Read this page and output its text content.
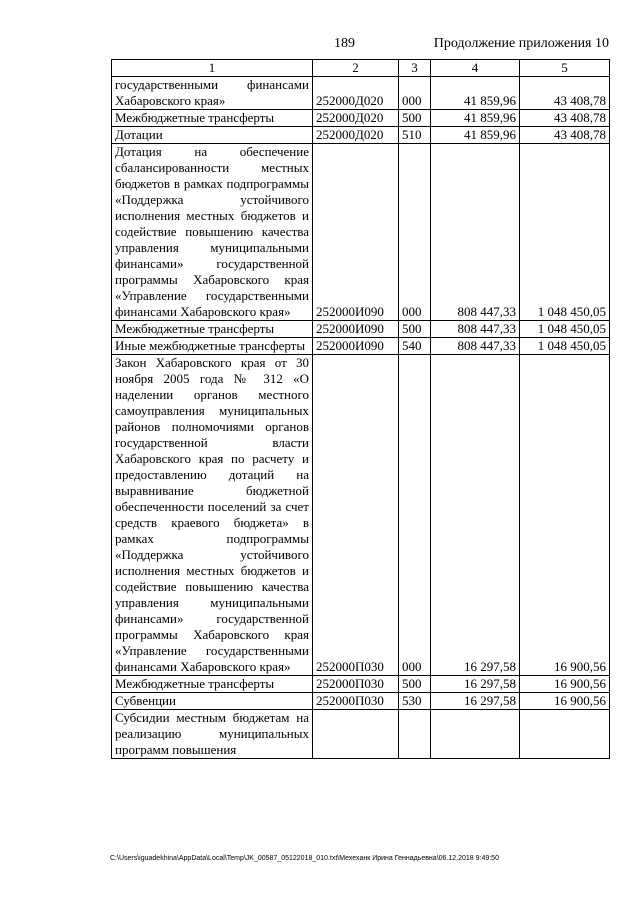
189	Продолжение приложения 10
1	2	3	4	5
государственными финансами Хабаровского края»	252000Д020	000	41 859,96	43 408,78
Межбюджетные трансферты	252000Д020	500	41 859,96	43 408,78
Дотации	252000Д020	510	41 859,96	43 408,78
Дотация на обеспечение сбалансированности местных бюджетов в рамках подпрограммы «Поддержка устойчивого исполнения местных бюджетов и содействие повышению качества управления муниципальными финансами» государственной программы Хабаровского края «Управление государственными финансами Хабаровского края»	252000И090	000	808 447,33	1 048 450,05
Межбюджетные трансферты	252000И090	500	808 447,33	1 048 450,05
Иные межбюджетные трансферты	252000И090	540	808 447,33	1 048 450,05
Закон Хабаровского края от 30 ноября 2005 года № 312 «О наделении органов местного самоуправления муниципальных районов полномочиями органов государственной власти Хабаровского края по расчету и предоставлению дотаций на выравнивание бюджетной обеспеченности поселений за счет средств краевого бюджета» в рамках подпрограммы «Поддержка устойчивого исполнения местных бюджетов и содействие повышению качества управления муниципальными финансами» государственной программы Хабаровского края «Управление государственными финансами Хабаровского края»	252000П030	000	16 297,58	16 900,56
Межбюджетные трансферты	252000П030	500	16 297,58	16 900,56
Субвенции	252000П030	530	16 297,58	16 900,56
Субсидии местным бюджетам на реализацию муниципальных программ повышения				
C:\Users\iguadekhina\AppData\Local\Temp\JK_00587_05122018_010.txt\Мехеханк Ирина Геннадьевна\06.12.2018 9:49:50
